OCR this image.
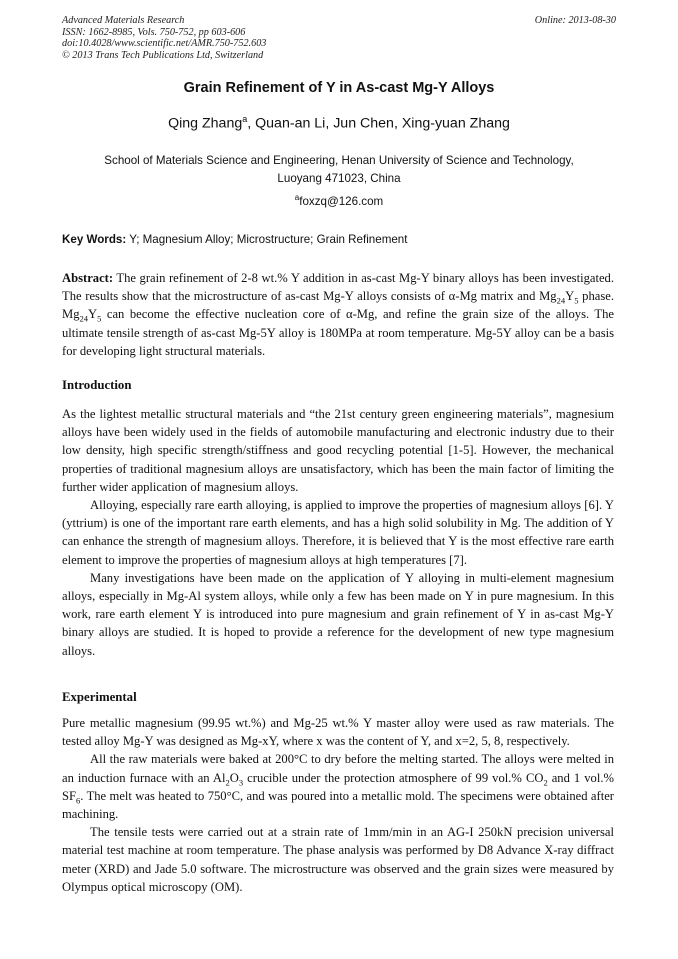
Advanced Materials Research
ISSN: 1662-8985, Vols. 750-752, pp 603-606
doi:10.4028/www.scientific.net/AMR.750-752.603
© 2013 Trans Tech Publications Ltd, Switzerland
Online: 2013-08-30
Grain Refinement of Y in As-cast Mg-Y Alloys
Qing Zhang$^a$, Quan-an Li, Jun Chen, Xing-yuan Zhang
School of Materials Science and Engineering, Henan University of Science and Technology,
Luoyang 471023, China
$^a$foxzq@126.com
Key Words: Y; Magnesium Alloy; Microstructure; Grain Refinement

Abstract: The grain refinement of 2-8 wt.% Y addition in as-cast Mg-Y binary alloys has been investigated. The results show that the microstructure of as-cast Mg-Y alloys consists of α-Mg matrix and $Mg_{24}Y_5$ phase. $Mg_{24}Y_5$ can become the effective nucleation core of α-Mg, and refine the grain size of the alloys. The ultimate tensile strength of as-cast Mg-5Y alloy is 180MPa at room temperature. Mg-5Y alloy can be a basis for developing light structural materials.

Introduction

As the lightest metallic structural materials and “the 21st century green engineering materials”, magnesium alloys have been widely used in the fields of automobile manufacturing and electronic industry due to their low density, high specific strength/stiffness and good recycling potential [1-5]. However, the mechanical properties of traditional magnesium alloys are unsatisfactory, which has been the main factor of limiting the further wider application of magnesium alloys.

Alloying, especially rare earth alloying, is applied to improve the properties of magnesium alloys [6]. Y (yttrium) is one of the important rare earth elements, and has a high solid solubility in Mg. The addition of Y can enhance the strength of magnesium alloys. Therefore, it is believed that Y is the most effective rare earth element to improve the properties of magnesium alloys at high temperatures [7].

Many investigations have been made on the application of Y alloying in multi-element magnesium alloys, especially in Mg-Al system alloys, while only a few has been made on Y in pure magnesium. In this work, rare earth element Y is introduced into pure magnesium and grain refinement of Y in as-cast Mg-Y binary alloys are studied. It is hoped to provide a reference for the development of new type magnesium alloys.

Experimental

Pure metallic magnesium (99.95 wt.%) and Mg-25 wt.% Y master alloy were used as raw materials. The tested alloy Mg-Y was designed as Mg-xY, where x was the content of Y, and x=2, 5, 8, respectively.

All the raw materials were baked at 200°C to dry before the melting started. The alloys were melted in an induction furnace with an $Al_2O_3$ crucible under the protection atmosphere of 99 vol.% $CO_2$ and 1 vol.% $SF_6$. The melt was heated to 750°C, and was poured into a metallic mold. The specimens were obtained after machining.

The tensile tests were carried out at a strain rate of 1mm/min in an AG-I 250kN precision universal material test machine at room temperature. The phase analysis was performed by D8 Advance X-ray diffract meter (XRD) and Jade 5.0 software. The microstructure was observed and the grain sizes were measured by Olympus optical microscopy (OM).
